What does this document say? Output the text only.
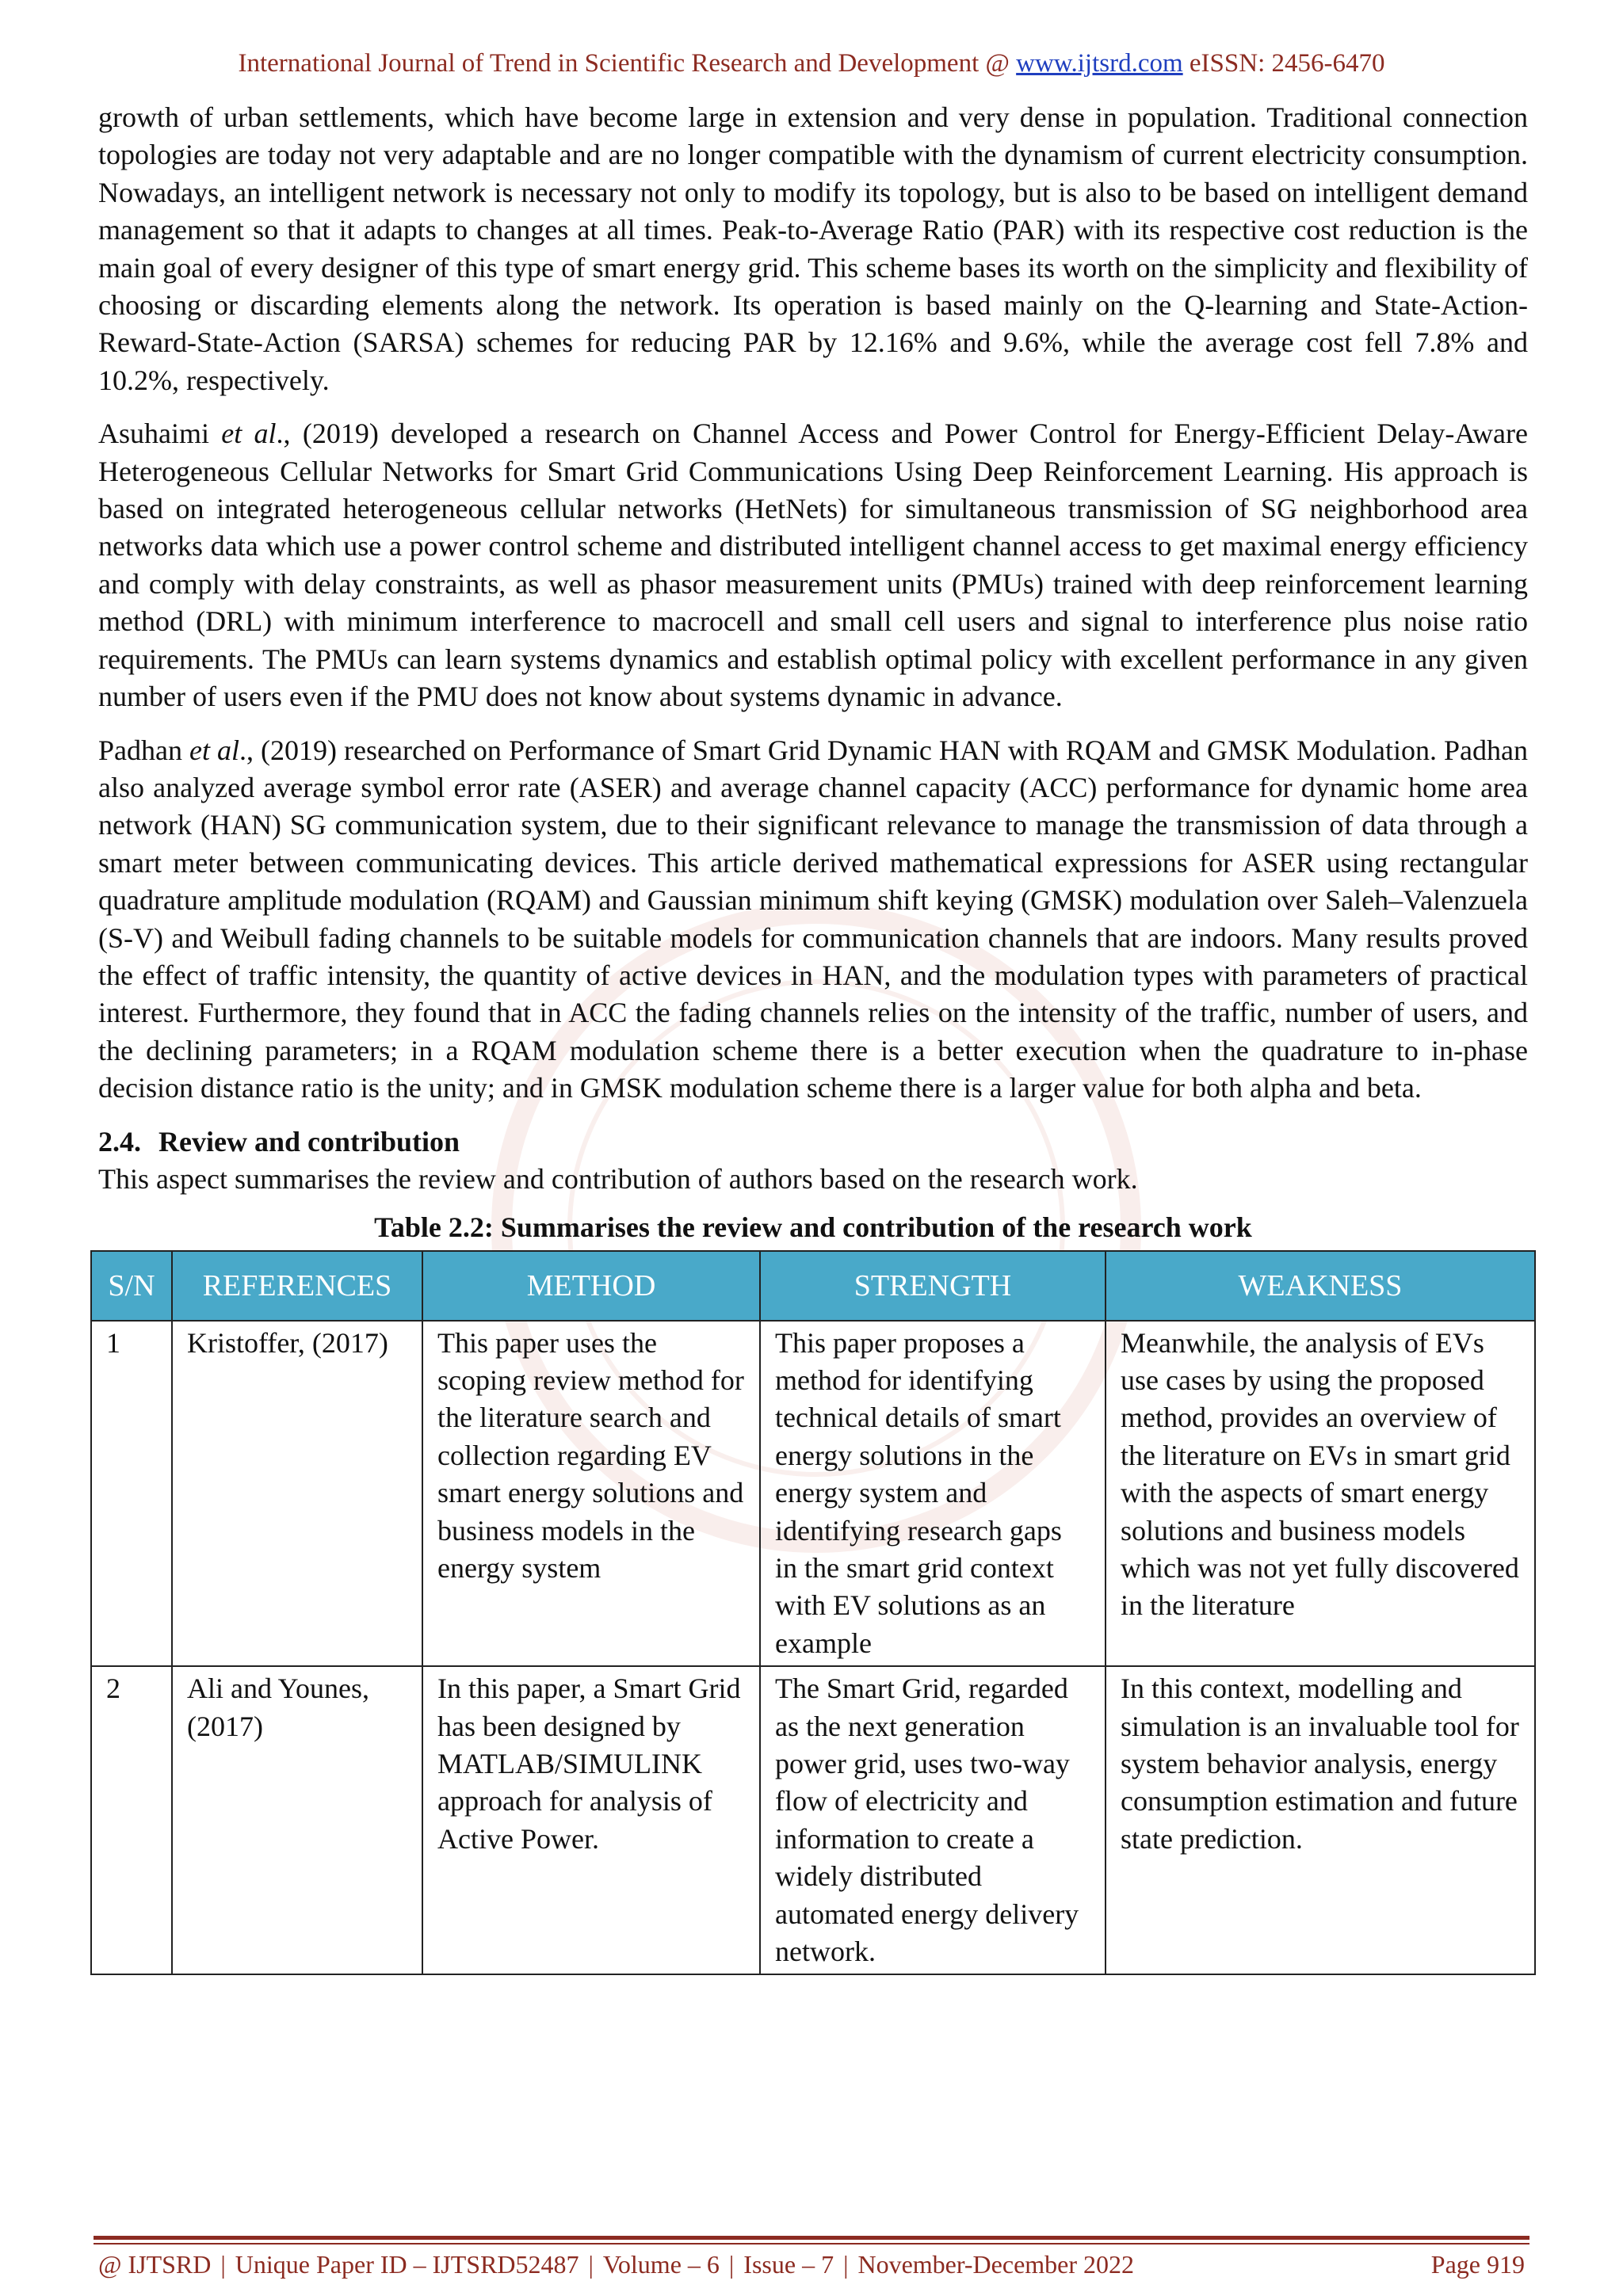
International Journal of Trend in Scientific Research and Development @ www.ijtsrd.com eISSN: 2456-6470

growth of urban settlements, which have become large in extension and very dense in population. Traditional connection topologies are today not very adaptable and are no longer compatible with the dynamism of current electricity consumption. Nowadays, an intelligent network is necessary not only to modify its topology, but is also to be based on intelligent demand management so that it adapts to changes at all times. Peak-to-Average Ratio (PAR) with its respective cost reduction is the main goal of every designer of this type of smart energy grid. This scheme bases its worth on the simplicity and flexibility of choosing or discarding elements along the network. Its operation is based mainly on the Q-learning and State-Action-Reward-State-Action (SARSA) schemes for reducing PAR by 12.16% and 9.6%, while the average cost fell 7.8% and 10.2%, respectively.

Asuhaimi et al., (2019) developed a research on Channel Access and Power Control for Energy-Efficient Delay-Aware Heterogeneous Cellular Networks for Smart Grid Communications Using Deep Reinforcement Learning. His approach is based on integrated heterogeneous cellular networks (HetNets) for simultaneous transmission of SG neighborhood area networks data which use a power control scheme and distributed intelligent channel access to get maximal energy efficiency and comply with delay constraints, as well as phasor measurement units (PMUs) trained with deep reinforcement learning method (DRL) with minimum interference to macrocell and small cell users and signal to interference plus noise ratio requirements. The PMUs can learn systems dynamics and establish optimal policy with excellent performance in any given number of users even if the PMU does not know about systems dynamic in advance.

Padhan et al., (2019) researched on Performance of Smart Grid Dynamic HAN with RQAM and GMSK Modulation. Padhan also analyzed average symbol error rate (ASER) and average channel capacity (ACC) performance for dynamic home area network (HAN) SG communication system, due to their significant relevance to manage the transmission of data through a smart meter between communicating devices. This article derived mathematical expressions for ASER using rectangular quadrature amplitude modulation (RQAM) and Gaussian minimum shift keying (GMSK) modulation over Saleh–Valenzuela (S-V) and Weibull fading channels to be suitable models for communication channels that are indoors. Many results proved the effect of traffic intensity, the quantity of active devices in HAN, and the modulation types with parameters of practical interest. Furthermore, they found that in ACC the fading channels relies on the intensity of the traffic, number of users, and the declining parameters; in a RQAM modulation scheme there is a better execution when the quadrature to in-phase decision distance ratio is the unity; and in GMSK modulation scheme there is a larger value for both alpha and beta.

2.4. Review and contribution
This aspect summarises the review and contribution of authors based on the research work.
Table 2.2: Summarises the review and contribution of the research work
S/N	REFERENCES	METHOD	STRENGTH	WEAKNESS
1	Kristoffer, (2017)	This paper uses the scoping review method for the literature search and collection regarding EV smart energy solutions and business models in the energy system	This paper proposes a method for identifying technical details of smart energy solutions in the energy system and identifying research gaps in the smart grid context with EV solutions as an example	Meanwhile, the analysis of EVs use cases by using the proposed method, provides an overview of the literature on EVs in smart grid with the aspects of smart energy solutions and business models which was not yet fully discovered in the literature
2	Ali and Younes, (2017)	In this paper, a Smart Grid has been designed by MATLAB/SIMULINK approach for analysis of Active Power.	The Smart Grid, regarded as the next generation power grid, uses two-way flow of electricity and information to create a widely distributed automated energy delivery network.	In this context, modelling and simulation is an invaluable tool for system behavior analysis, energy consumption estimation and future state prediction.
@ IJTSRD | Unique Paper ID – IJTSRD52487 | Volume – 6 | Issue – 7 | November-December 2022	Page 919
